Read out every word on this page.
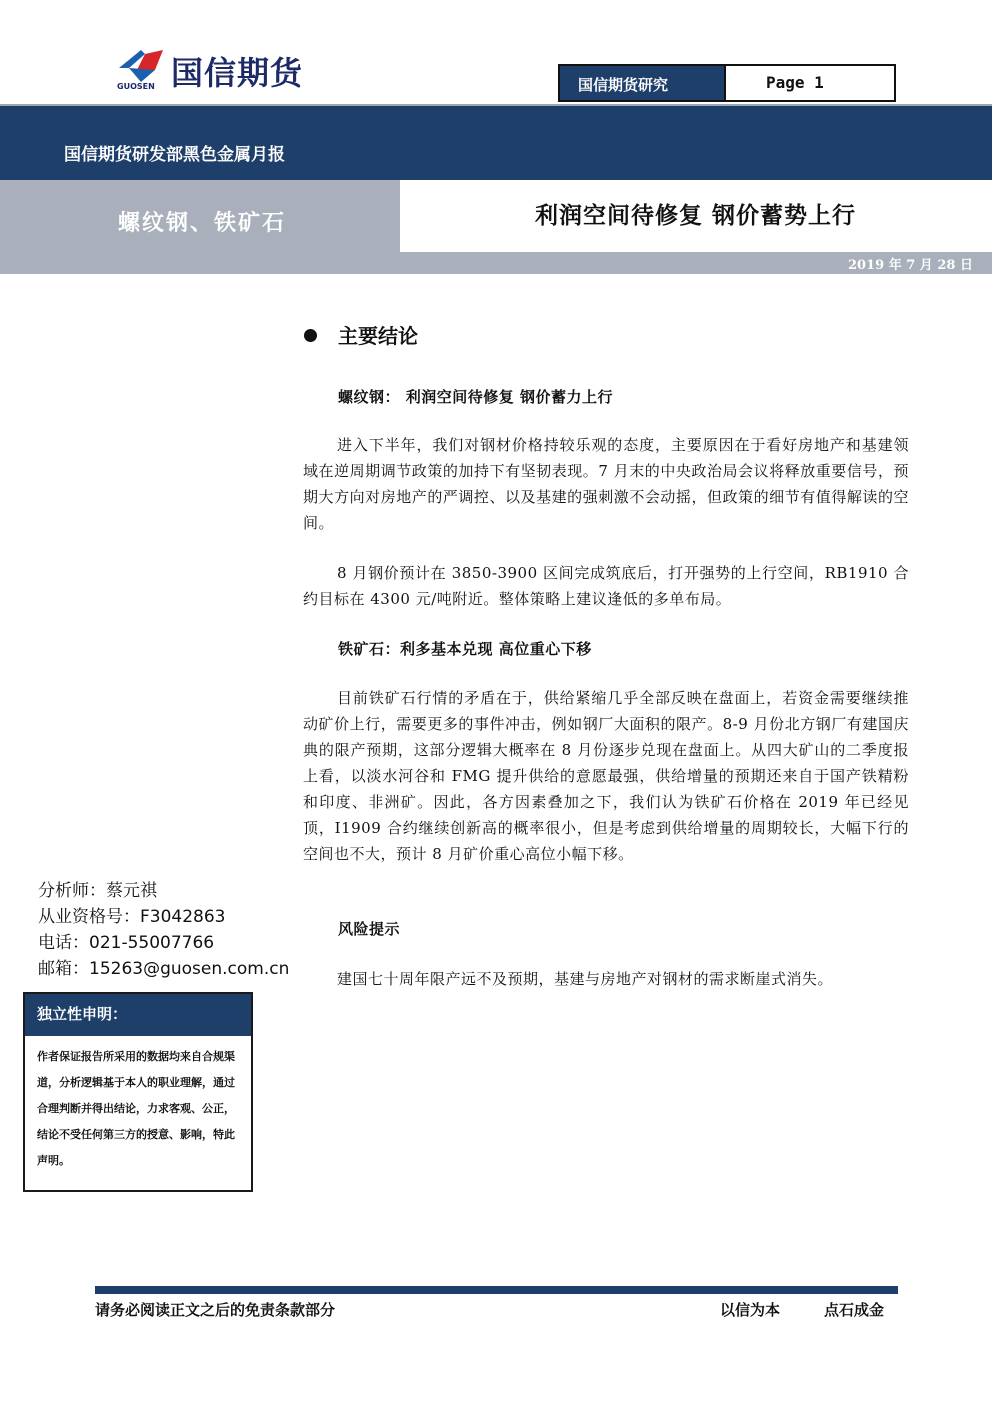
国信期货
GUOSEN	国信期货研究	Page 1
国信期货研发部黑色金属月报
螺纹钢、铁矿石	利润空间待修复 钢价蓄势上行
2019 年 7 月 28 日
主要结论
螺纹钢： 利润空间待修复 钢价蓄力上行
进入下半年，我们对钢材价格持较乐观的态度，主要原因在于看好房地产和基建领域在逆周期调节政策的加持下有坚韧表现。7 月末的中央政治局会议将释放重要信号，预期大方向对房地产的严调控、以及基建的强刺激不会动摇，但政策的细节有值得解读的空间。
8 月钢价预计在 3850-3900 区间完成筑底后，打开强势的上行空间，RB1910 合约目标在 4300 元/吨附近。整体策略上建议逢低的多单布局。
铁矿石：利多基本兑现 高位重心下移
目前铁矿石行情的矛盾在于，供给紧缩几乎全部反映在盘面上，若资金需要继续推动矿价上行，需要更多的事件冲击，例如钢厂大面积的限产。8-9 月份北方钢厂有建国庆典的限产预期，这部分逻辑大概率在 8 月份逐步兑现在盘面上。从四大矿山的二季度报上看，以淡水河谷和 FMG 提升供给的意愿最强，供给增量的预期还来自于国产铁精粉和印度、非洲矿。因此，各方因素叠加之下，我们认为铁矿石价格在 2019 年已经见顶，I1909 合约继续创新高的概率很小，但是考虑到供给增量的周期较长，大幅下行的空间也不大，预计 8 月矿价重心高位小幅下移。
风险提示
建国七十周年限产远不及预期，基建与房地产对钢材的需求断崖式消失。
分析师：蔡元祺
从业资格号：F3042863
电话：021-55007766
邮箱：15263@guosen.com.cn
独立性申明：
作者保证报告所采用的数据均来自合规渠道，分析逻辑基于本人的职业理解，通过合理判断并得出结论，力求客观、公正，结论不受任何第三方的授意、影响，特此声明。
请务必阅读正文之后的免责条款部分	以信为本	点石成金
